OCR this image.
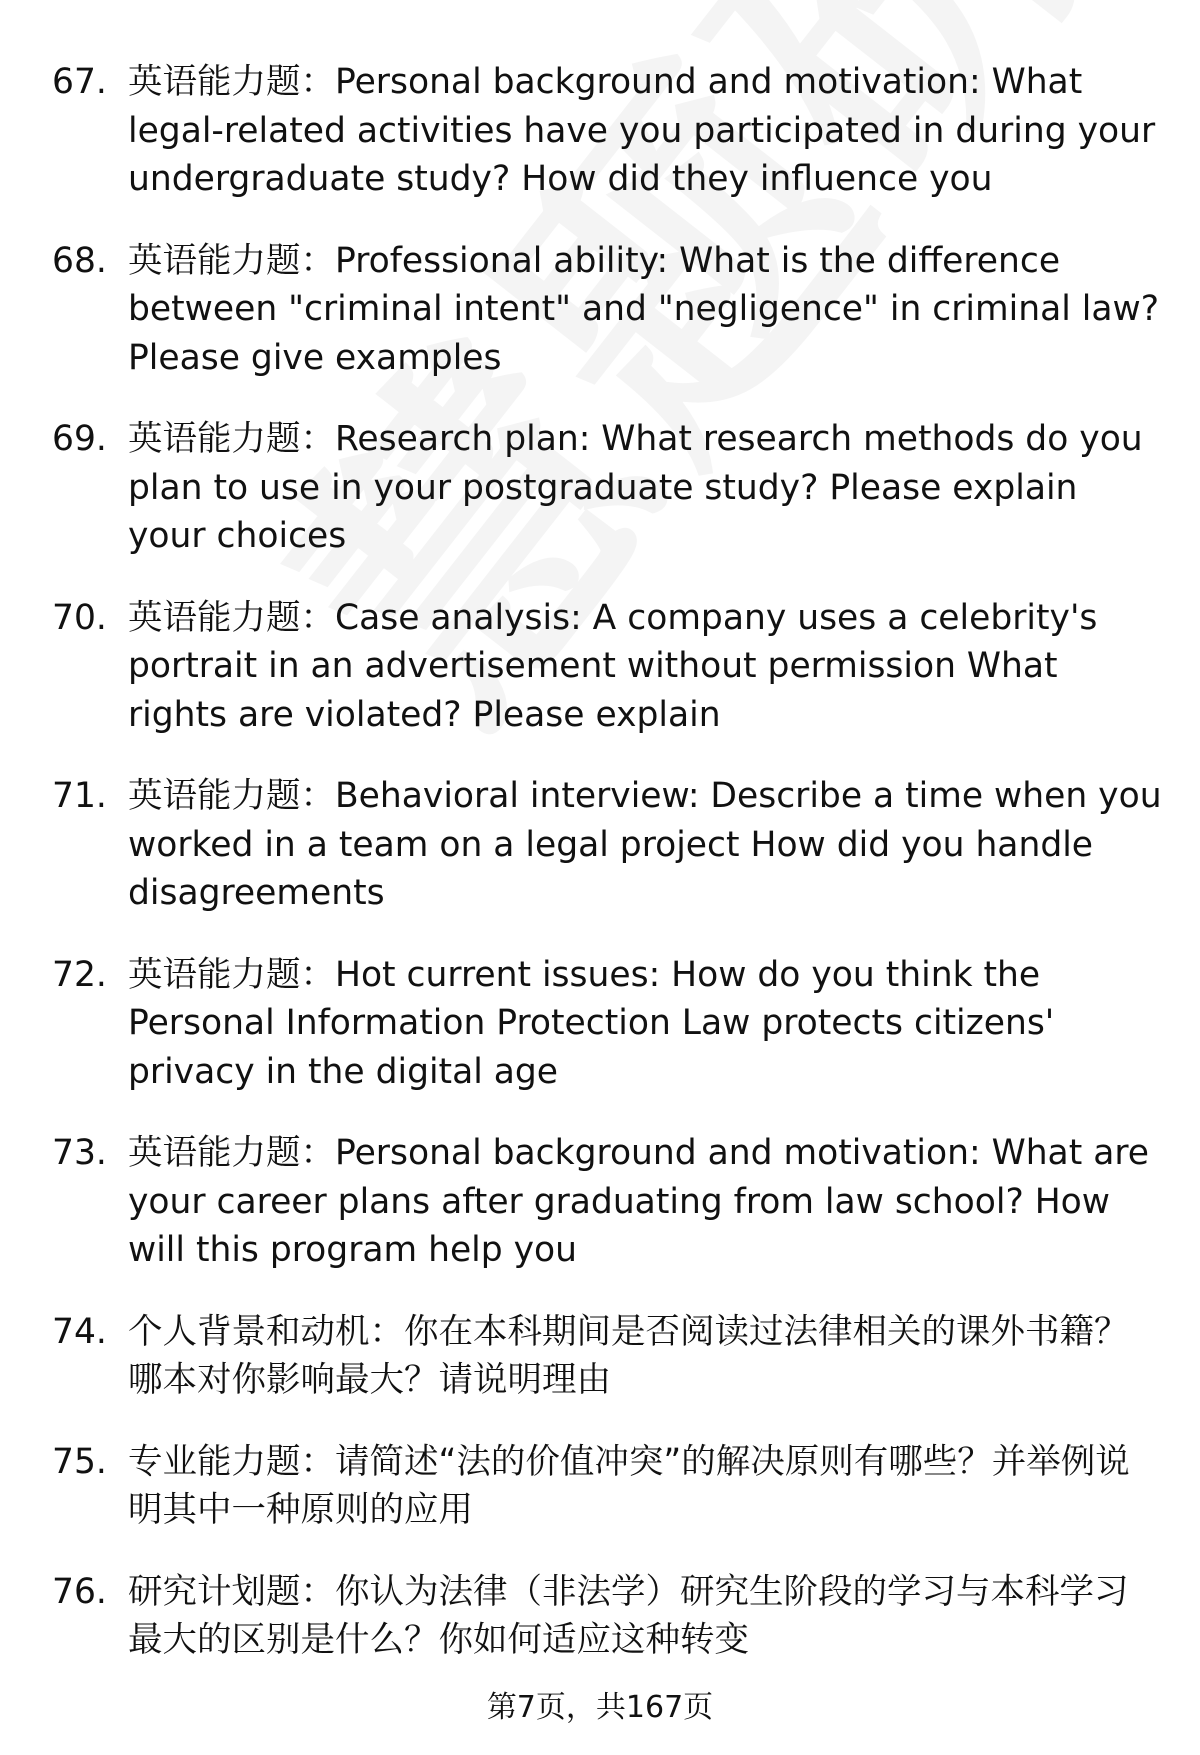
67. 英语能力题：Personal background and motivation: What legal-related activities have you participated in during your undergraduate study? How did they influence you
68. 英语能力题：Professional ability: What is the difference between "criminal intent" and "negligence" in criminal law? Please give examples
69. 英语能力题：Research plan: What research methods do you plan to use in your postgraduate study? Please explain your choices
70. 英语能力题：Case analysis: A company uses a celebrity's portrait in an advertisement without permission What rights are violated? Please explain
71. 英语能力题：Behavioral interview: Describe a time when you worked in a team on a legal project How did you handle disagreements
72. 英语能力题：Hot current issues: How do you think the Personal Information Protection Law protects citizens' privacy in the digital age
73. 英语能力题：Personal background and motivation: What are your career plans after graduating from law school? How will this program help you
74. 个人背景和动机：你在本科期间是否阅读过法律相关的课外书籍？哪本对你影响最大？请说明理由
75. 专业能力题：请简述“法的价值冲突”的解决原则有哪些？并举例说明其中一种原则的应用
76. 研究计划题：你认为法律（非法学）研究生阶段的学习与本科学习最大的区别是什么？你如何适应这种转变
第7页，共167页
